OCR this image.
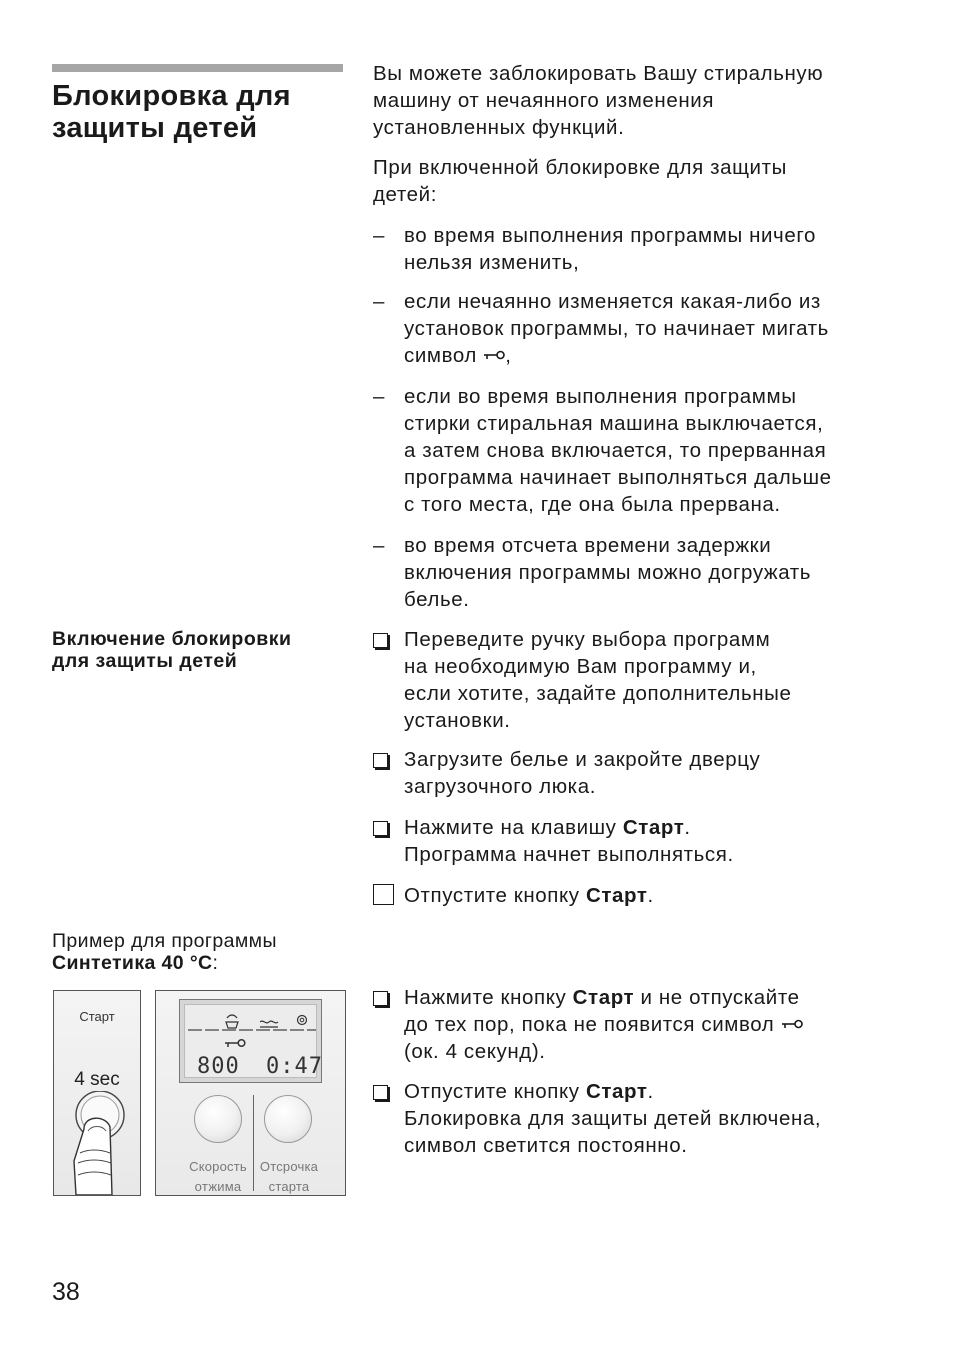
Блокировка для
защиты детей
Вы можете заблокировать Вашу стиральную
машину от нечаянного изменения
установленных функций.
При включенной блокировке для защиты
детей:
– во время выполнения программы ничего
нельзя изменить,
– если нечаянно изменяется какая-либо из
установок программы, то начинает мигать
символ ,
– если во время выполнения программы
стирки стиральная машина выключается,
а затем снова включается, то прерванная
программа начинает выполняться дальше
с того места, где она была прервана.
– во время отсчета времени задержки
включения программы можно догружать
белье.
Включение блокировки
для защиты детей
Переведите ручку выбора программ
на необходимую Вам программу и,
если хотите, задайте дополнительные
установки.
Загрузите белье и закройте дверцу
загрузочного люка.
Нажмите на клавишу Старт.
Программа начнет выполняться.
Отпустите кнопку Старт.
Пример для программы
Синтетика 40 °C:
Нажмите кнопку Старт и не отпускайте
до тех пор, пока не появится символ
(ок. 4 секунд).
Отпустите кнопку Старт.
Блокировка для защиты детей включена,
символ светится постоянно.
Старт
4 sec
800 0:47
Скорость
отжима
Отсрочка
старта
38
